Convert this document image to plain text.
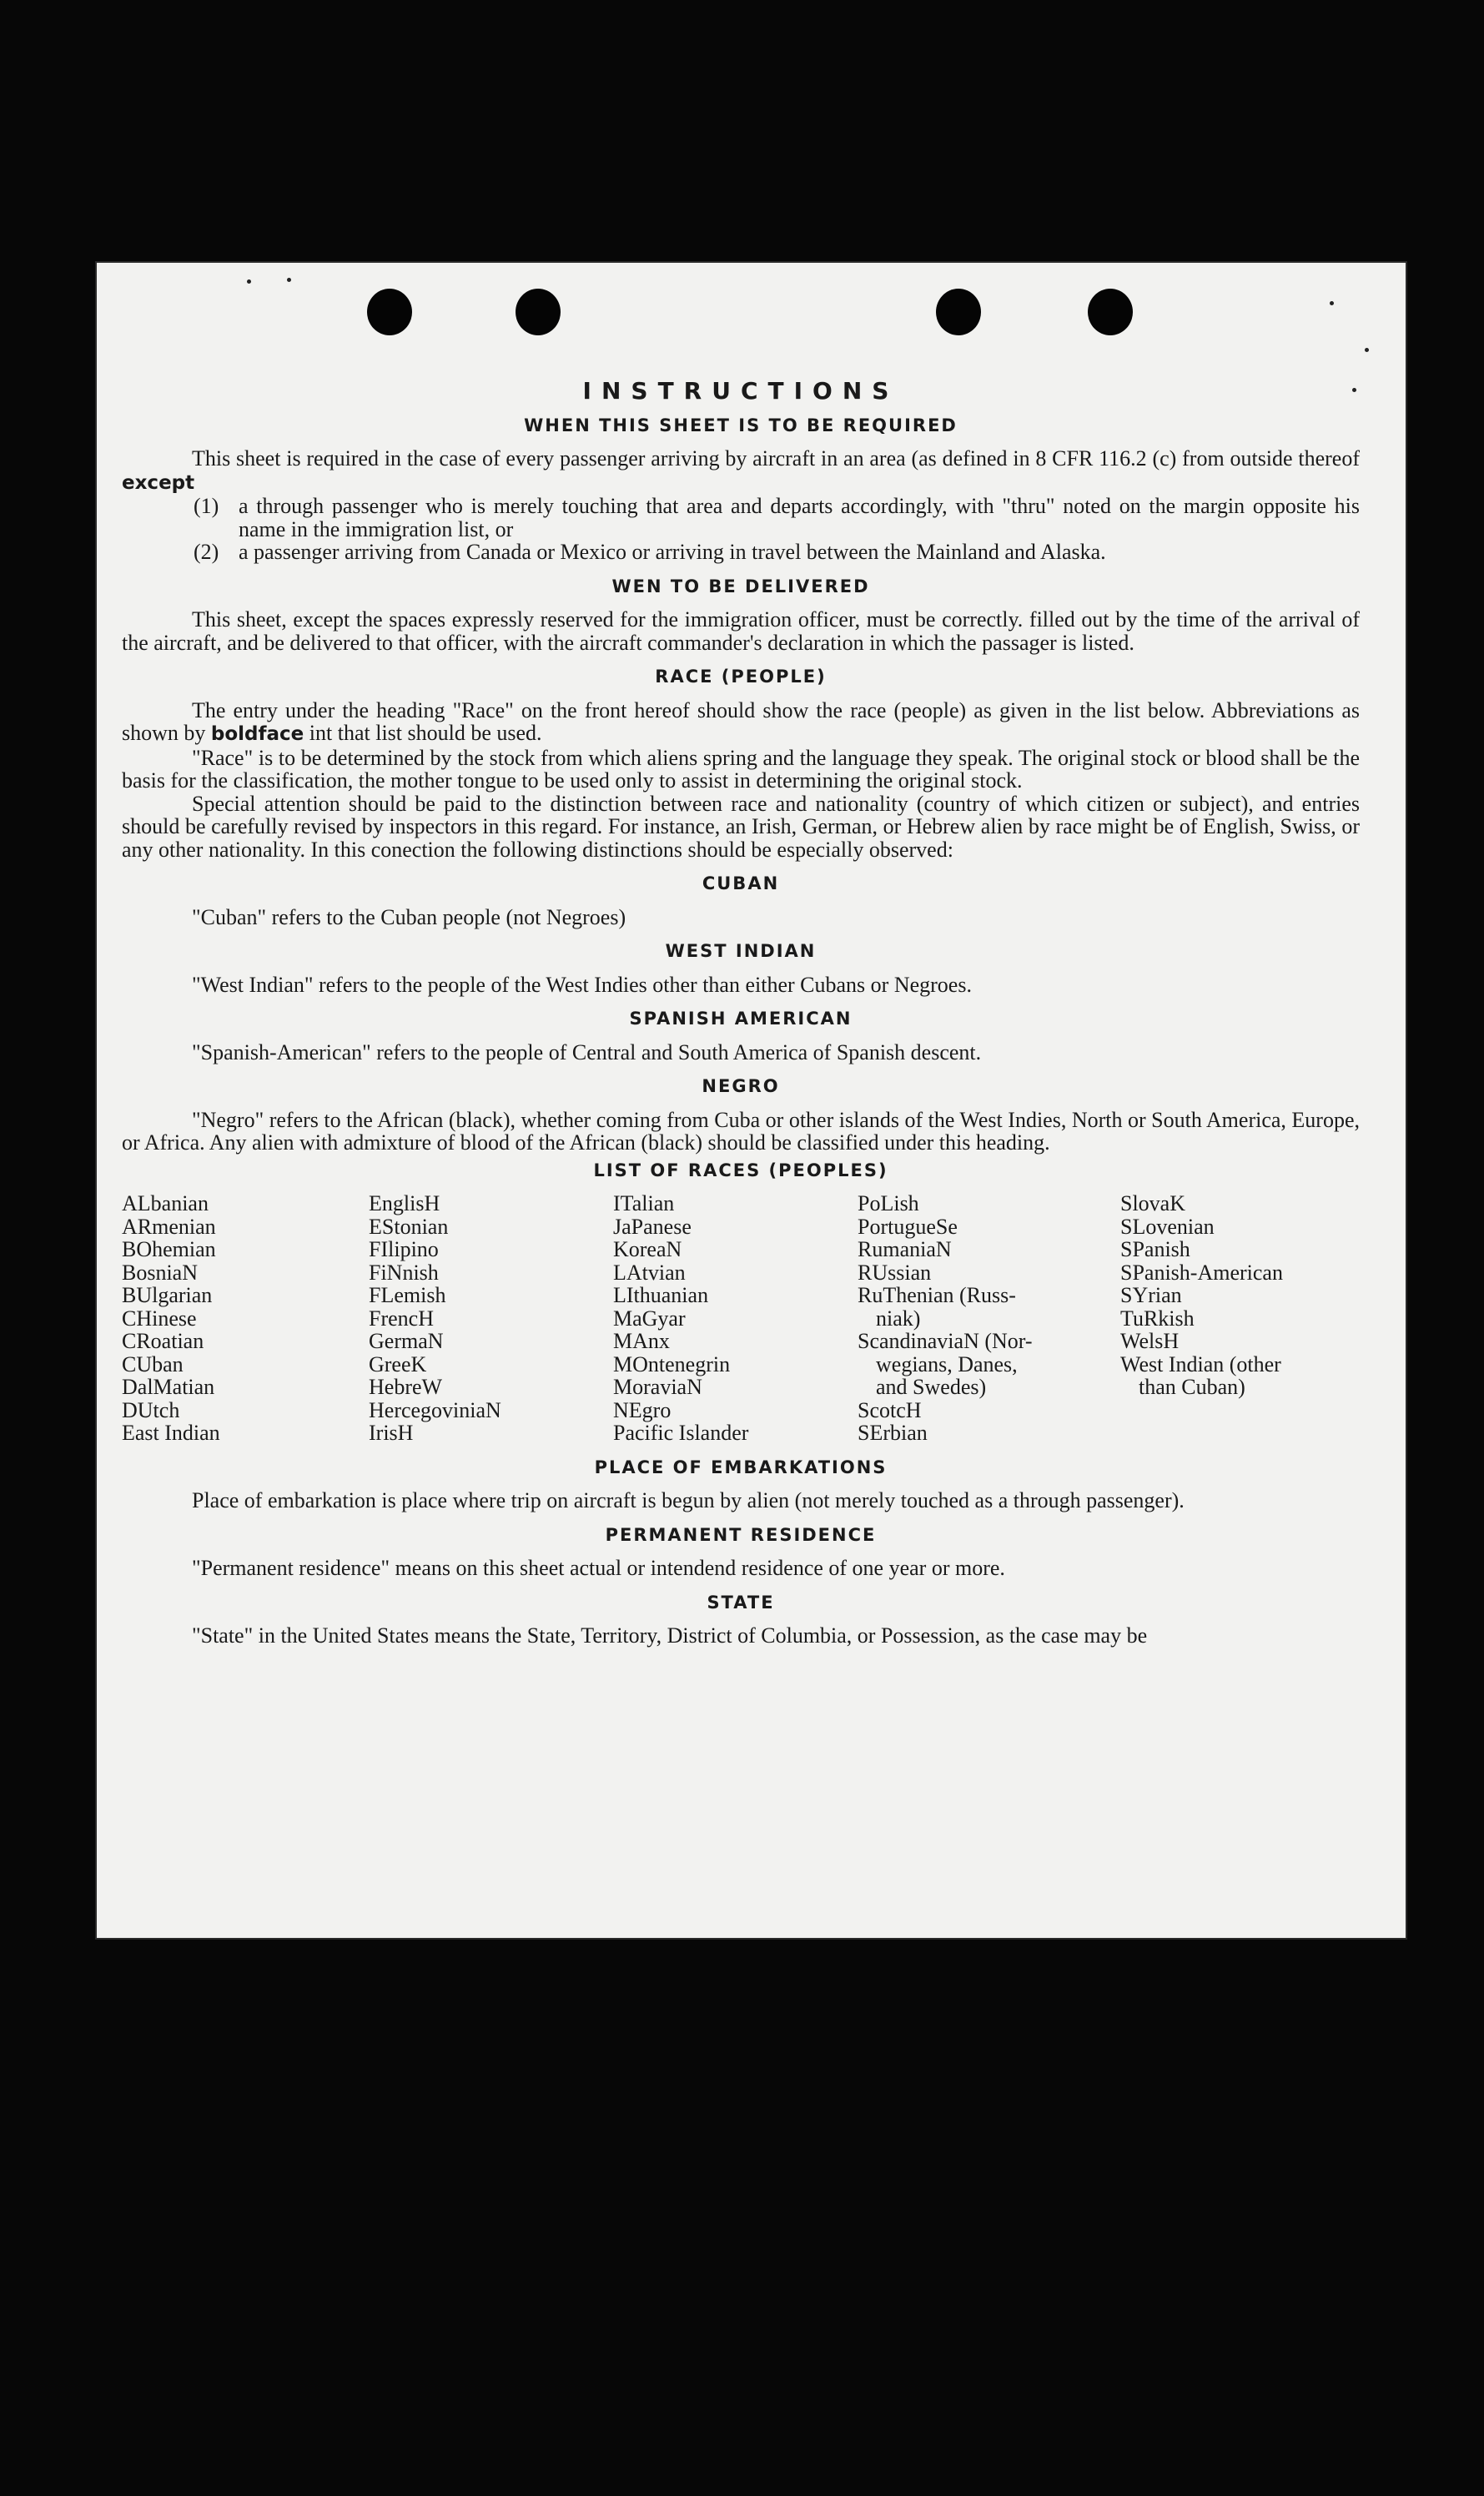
INSTRUCTIONS
WHEN THIS SHEET IS TO BE REQUIRED

This sheet is required in the case of every passenger arriving by aircraft in an area (as defined in 8 CFR 116.2 (c) from outside thereof except

(1) a through passenger who is merely touching that area and departs accordingly, with "thru" noted on the margin opposite his name in the immigration list, or
(2) a passenger arriving from Canada or Mexico or arriving in travel between the Mainland and Alaska.
WEN TO BE DELIVERED

This sheet, except the spaces expressly reserved for the immigration officer, must be correctly. filled out by the time of the arrival of the aircraft, and be delivered to that officer, with the aircraft commander's declaration in which the passager is listed.

RACE (PEOPLE)

The entry under the heading "Race" on the front hereof should show the race (people) as given in the list below. Abbreviations as shown by boldface int that list should be used.

"Race" is to be determined by the stock from which aliens spring and the language they speak. The original stock or blood shall be the basis for the classification, the mother tongue to be used only to assist in determining the original stock.

Special attention should be paid to the distinction between race and nationality (country of which citizen or subject), and entries should be carefully revised by inspectors in this regard. For instance, an Irish, German, or Hebrew alien by race might be of English, Swiss, or any other nationality. In this conection the following distinctions should be especially observed:

CUBAN

"Cuban" refers to the Cuban people (not Negroes)

WEST INDIAN

"West Indian" refers to the people of the West Indies other than either Cubans or Negroes.

SPANISH AMERICAN

"Spanish-American" refers to the people of Central and South America of Spanish descent.

NEGRO

"Negro" refers to the African (black), whether coming from Cuba or other islands of the West Indies, North or South America, Europe, or Africa. Any alien with admixture of blood of the African (black) should be classified under this heading.

LIST OF RACES (PEOPLES)
ALbanian
ARmenian
BOhemian
BosniaN
BUlgarian
CHinese
CRoatian
CUban
DalMatian
DUtch
East Indian
EnglisH
EStonian
FIlipino
FiNnish
FLemish
FrencH
GermaN
GreeK
HebreW
HercegoviniaN
IrisH
ITalian
JaPanese
KoreaN
LAtvian
LIthuanian
MaGyar
MAnx
MOntenegrin
MoraviaN
NEgro
Pacific Islander
PoLish
PortugueSe
RumaniaN
RUssian
RuThenian (Russ-
niak)
ScandinaviaN (Nor-
wegians, Danes,
and Swedes)
ScotcH
SErbian
SlovaK
SLovenian
SPanish
SPanish-American
SYrian
TuRkish
WelsH
West Indian (other
than Cuban)
PLACE OF EMBARKATIONS

Place of embarkation is place where trip on aircraft is begun by alien (not merely touched as a through passenger).

PERMANENT RESIDENCE

"Permanent residence" means on this sheet actual or intendend residence of one year or more.

STATE

"State" in the United States means the State, Territory, District of Columbia, or Possession, as the case may be
